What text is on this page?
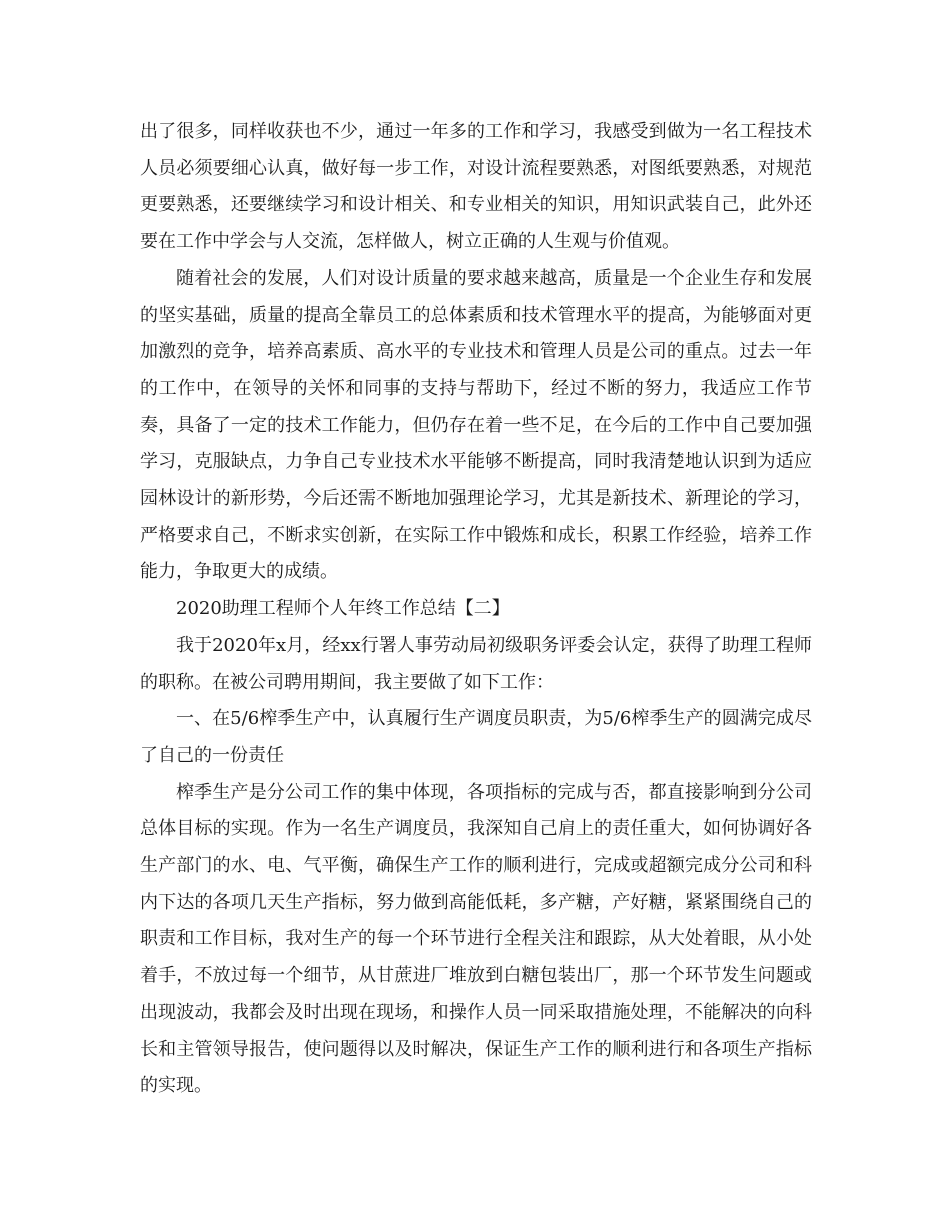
出了很多，同样收获也不少，通过一年多的工作和学习，我感受到做为一名工程技术人员必须要细心认真，做好每一步工作，对设计流程要熟悉，对图纸要熟悉，对规范更要熟悉，还要继续学习和设计相关、和专业相关的知识，用知识武装自己，此外还要在工作中学会与人交流，怎样做人，树立正确的人生观与价值观。

随着社会的发展，人们对设计质量的要求越来越高，质量是一个企业生存和发展的坚实基础，质量的提高全靠员工的总体素质和技术管理水平的提高，为能够面对更加激烈的竞争，培养高素质、高水平的专业技术和管理人员是公司的重点。过去一年的工作中，在领导的关怀和同事的支持与帮助下，经过不断的努力，我适应工作节奏，具备了一定的技术工作能力，但仍存在着一些不足，在今后的工作中自己要加强学习，克服缺点，力争自己专业技术水平能够不断提高，同时我清楚地认识到为适应园林设计的新形势，今后还需不断地加强理论学习，尤其是新技术、新理论的学习，严格要求自己，不断求实创新，在实际工作中锻炼和成长，积累工作经验，培养工作能力，争取更大的成绩。

2020助理工程师个人年终工作总结【二】

我于2020年x月，经xx行署人事劳动局初级职务评委会认定，获得了助理工程师的职称。在被公司聘用期间，我主要做了如下工作：

一、在5/6榨季生产中，认真履行生产调度员职责，为5/6榨季生产的圆满完成尽了自己的一份责任

榨季生产是分公司工作的集中体现，各项指标的完成与否，都直接影响到分公司总体目标的实现。作为一名生产调度员，我深知自己肩上的责任重大，如何协调好各生产部门的水、电、气平衡，确保生产工作的顺利进行，完成或超额完成分公司和科内下达的各项几天生产指标，努力做到高能低耗，多产糖，产好糖，紧紧围绕自己的职责和工作目标，我对生产的每一个环节进行全程关注和跟踪，从大处着眼，从小处着手，不放过每一个细节，从甘蔗进厂堆放到白糖包装出厂，那一个环节发生问题或出现波动，我都会及时出现在现场，和操作人员一同采取措施处理，不能解决的向科长和主管领导报告，使问题得以及时解决，保证生产工作的顺利进行和各项生产指标的实现。
